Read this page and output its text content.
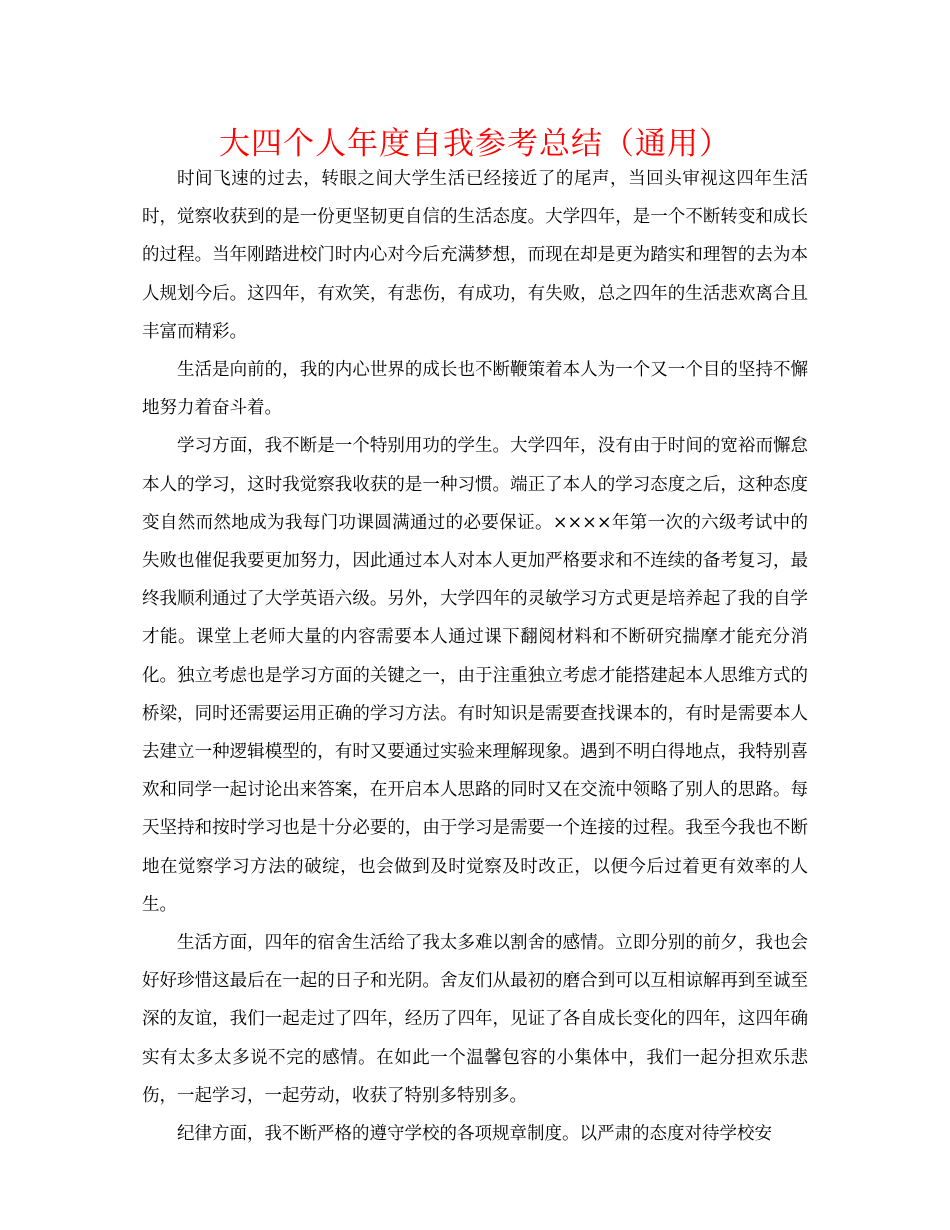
大四个人年度自我参考总结（通用）

时间飞速的过去，转眼之间大学生活已经接近了的尾声，当回头审视这四年生活时，觉察收获到的是一份更坚韧更自信的生活态度。大学四年，是一个不断转变和成长的过程。当年刚踏进校门时内心对今后充满梦想，而现在却是更为踏实和理智的去为本人规划今后。这四年，有欢笑，有悲伤，有成功，有失败，总之四年的生活悲欢离合且丰富而精彩。

生活是向前的，我的内心世界的成长也不断鞭策着本人为一个又一个目的坚持不懈地努力着奋斗着。

学习方面，我不断是一个特别用功的学生。大学四年，没有由于时间的宽裕而懈怠本人的学习，这时我觉察我收获的是一种习惯。端正了本人的学习态度之后，这种态度变自然而然地成为我每门功课圆满通过的必要保证。××××年第一次的六级考试中的失败也催促我要更加努力，因此通过本人对本人更加严格要求和不连续的备考复习，最终我顺利通过了大学英语六级。另外，大学四年的灵敏学习方式更是培养起了我的自学才能。课堂上老师大量的内容需要本人通过课下翻阅材料和不断研究揣摩才能充分消化。独立考虑也是学习方面的关键之一，由于注重独立考虑才能搭建起本人思维方式的桥梁，同时还需要运用正确的学习方法。有时知识是需要查找课本的，有时是需要本人去建立一种逻辑模型的，有时又要通过实验来理解现象。遇到不明白得地点，我特别喜欢和同学一起讨论出来答案，在开启本人思路的同时又在交流中领略了别人的思路。每天坚持和按时学习也是十分必要的，由于学习是需要一个连接的过程。我至今我也不断地在觉察学习方法的破绽，也会做到及时觉察及时改正，以便今后过着更有效率的人生。

生活方面，四年的宿舍生活给了我太多难以割舍的感情。立即分别的前夕，我也会好好珍惜这最后在一起的日子和光阴。舍友们从最初的磨合到可以互相谅解再到至诚至深的友谊，我们一起走过了四年，经历了四年，见证了各自成长变化的四年，这四年确实有太多太多说不完的感情。在如此一个温馨包容的小集体中，我们一起分担欢乐悲伤，一起学习，一起劳动，收获了特别多特别多。

纪律方面，我不断严格的遵守学校的各项规章制度。以严肃的态度对待学校安
